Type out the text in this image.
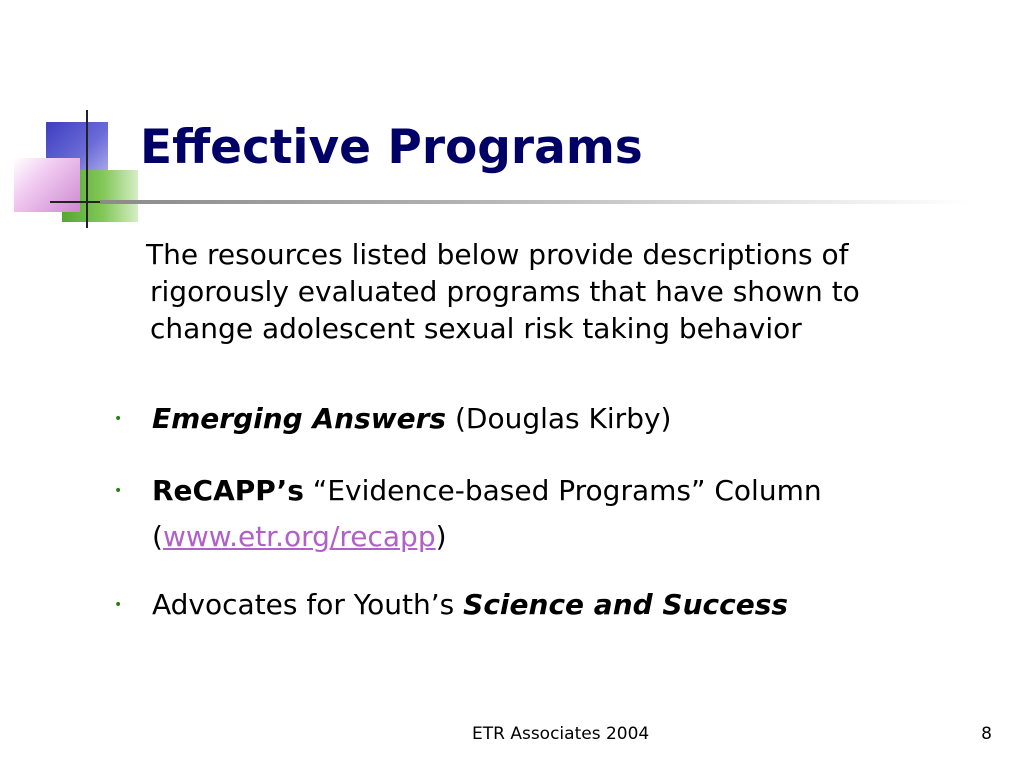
Effective Programs
The resources listed below provide descriptions of rigorously evaluated programs that have shown to change adolescent sexual risk taking behavior
• Emerging Answers (Douglas Kirby)
• ReCAPP’s “Evidence-based Programs” Column
(www.etr.org/recapp)
• Advocates for Youth’s Science and Success
ETR Associates 2004	8
